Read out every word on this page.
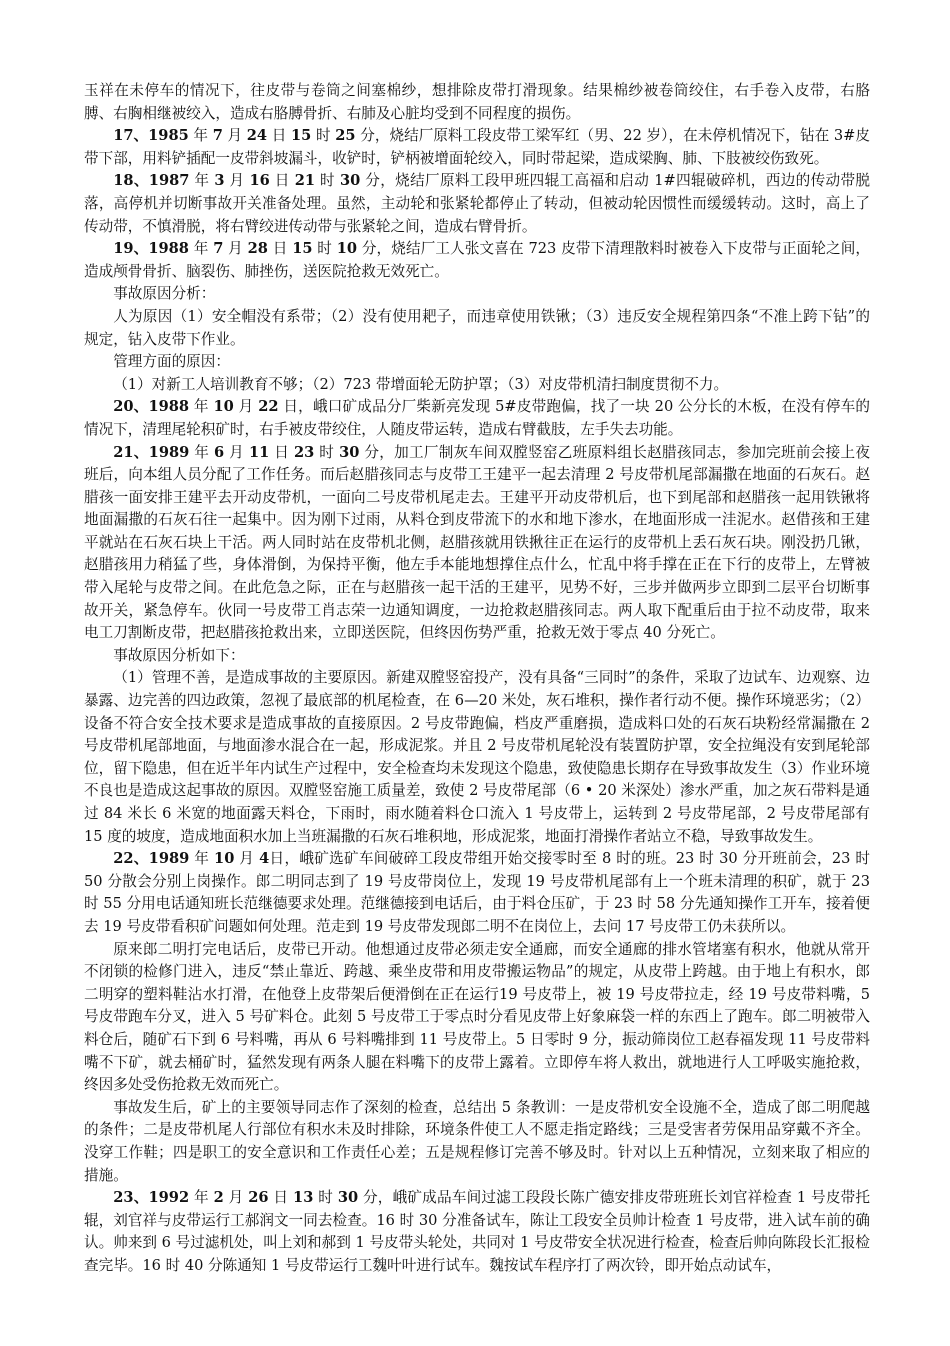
玉祥在未停车的情况下，往皮带与卷筒之间塞棉纱，想排除皮带打滑现象。结果棉纱被卷筒绞住，右手卷入皮带，右胳膊、右胸相继被绞入，造成右胳膊骨折、右肺及心脏均受到不同程度的损伤。

17、1985 年 7 月 24 日 15 时 25 分，烧结厂原料工段皮带工梁军红（男、22 岁），在未停机情况下，钻在 3#皮带下部，用料铲插配一皮带斜坡漏斗，收铲时，铲柄被增面轮绞入，同时带起梁，造成梁胸、肺、下肢被绞伤致死。

18、1987 年 3 月 16 日 21 时 30 分，烧结厂原料工段甲班四辊工高福和启动 1#四辊破碎机，西边的传动带脱落，高停机并切断事故开关准备处理。虽然，主动轮和张紧轮都停止了转动，但被动轮因惯性而缓缓转动。这时，高上了传动带，不慎滑脱，将右臂绞进传动带与张紧轮之间，造成右臂骨折。

19、1988 年 7 月 28 日 15 时 10 分，烧结厂工人张文喜在 723 皮带下清理散料时被卷入下皮带与正面轮之间，造成颅骨骨折、脑裂伤、肺挫伤，送医院抢救无效死亡。

事故原因分析：

人为原因（1）安全帽没有系带；（2）没有使用耙子，而违章使用铁锹；（3）违反安全规程第四条“不准上跨下钻”的规定，钻入皮带下作业。

管理方面的原因：

（1）对新工人培训教育不够；（2）723 带增面轮无防护罩；（3）对皮带机清扫制度贯彻不力。

20、1988 年 10 月 22 日，峨口矿成品分厂柴新亮发现 5#皮带跑偏，找了一块 20 公分长的木板，在没有停车的情况下，清理尾轮积矿时，右手被皮带绞住，人随皮带运转，造成右臂截肢，左手失去功能。

21、1989 年 6 月 11 日 23 时 30 分，加工厂制灰车间双膛竖窑乙班原料组长赵腊孩同志，参加完班前会接上夜班后，向本组人员分配了工作任务。而后赵腊孩同志与皮带工王建平一起去清理 2 号皮带机尾部漏撒在地面的石灰石。赵腊孩一面安排王建平去开动皮带机，一面向二号皮带机尾走去。王建平开动皮带机后，也下到尾部和赵腊孩一起用铁锹将地面漏撒的石灰石往一起集中。因为刚下过雨，从料仓到皮带流下的水和地下渗水，在地面形成一洼泥水。赵借孩和王建平就站在石灰石块上干活。两人同时站在皮带机北侧，赵腊孩就用铁揪往正在运行的皮带机上丢石灰石块。刚没扔几锹，赵腊孩用力稍猛了些，身体滑倒，为保持平衡，他左手本能地想撑住点什么，忙乱中将手撑在正在下行的皮带上，左臂被带入尾轮与皮带之间。在此危急之际，正在与赵腊孩一起干活的王建平，见势不好，三步并做两步立即到二层平台切断事故开关，紧急停车。伙同一号皮带工肖志荣一边通知调度，一边抢救赵腊孩同志。两人取下配重后由于拉不动皮带，取来电工刀割断皮带，把赵腊孩抢救出来，立即送医院，但终因伤势严重，抢救无效于零点 40 分死亡。

事故原因分析如下：

（1）管理不善，是造成事故的主要原因。新建双膛竖窑投产，没有具备“三同时”的条件，采取了边试车、边观察、边暴露、边完善的四边政策，忽视了最底部的机尾检查，在 6—20 米处，灰石堆积，操作者行动不便。操作环境恶劣；（2）设备不符合安全技术要求是造成事故的直接原因。2 号皮带跑偏，档皮严重磨损，造成料口处的石灰石块粉经常漏撒在 2 号皮带机尾部地面，与地面渗水混合在一起，形成泥浆。并且 2 号皮带机尾轮没有装置防护罩，安全拉绳没有安到尾轮部位，留下隐患，但在近半年内试生产过程中，安全检查均未发现这个隐患，致使隐患长期存在导致事故发生（3）作业环境不良也是造成这起事故的原因。双膛竖窑施工质量差，致使 2 号皮带尾部（6 • 20 米深处）渗水严重，加之灰石带料是通过 84 米长 6 米宽的地面露天料仓，下雨时，雨水随着料仓口流入 1 号皮带上，运转到 2 号皮带尾部，2 号皮带尾部有 15 度的坡度，造成地面积水加上当班漏撒的石灰石堆积地，形成泥浆，地面打滑操作者站立不稳，导致事故发生。

22、1989 年 10 月 4日，峨矿选矿车间破碎工段皮带组开始交接零时至 8 时的班。23 时 30 分开班前会，23 时 50 分散会分别上岗操作。郎二明同志到了 19 号皮带岗位上，发现 19 号皮带机尾部有上一个班未清理的积矿，就于 23 时 55 分用电话通知班长范继德要求处理。范继德接到电话后，由于料仓压矿，于 23 时 58 分先通知操作工开车，接着便去 19 号皮带看积矿问题如何处理。范走到 19 号皮带发现郎二明不在岗位上，去问 17 号皮带工仍未获所以。

原来郎二明打完电话后，皮带已开动。他想通过皮带必须走安全通廊，而安全通廊的排水管堵塞有积水，他就从常开不闭锁的检修门进入，违反“禁止靠近、跨越、乘坐皮带和用皮带搬运物品”的规定，从皮带上跨越。由于地上有积水，郎二明穿的塑料鞋沾水打滑，在他登上皮带架后便滑倒在正在运行19 号皮带上，被 19 号皮带拉走，经 19 号皮带料嘴，5 号皮带跑车分叉，进入 5 号矿料仓。此刻 5 号皮带工于零点时分看见皮带上好象麻袋一样的东西上了跑车。郎二明被带入料仓后，随矿石下到 6 号料嘴，再从 6 号料嘴排到 11 号皮带上。5 日零时 9 分，振动筛岗位工赵春福发现 11 号皮带料嘴不下矿，就去桶矿时，猛然发现有两条人腿在料嘴下的皮带上露着。立即停车将人救出，就地进行人工呼吸实施抢救，终因多处受伤抢救无效而死亡。

事故发生后，矿上的主要领导同志作了深刻的检查，总结出 5 条教训：一是皮带机安全设施不全，造成了郎二明爬越的条件；二是皮带机尾人行部位有积水未及时排除，环境条件使工人不愿走指定路线；三是受害者劳保用品穿戴不齐全。没穿工作鞋；四是职工的安全意识和工作责任心差；五是规程修订完善不够及时。针对以上五种情况，立刻来取了相应的措施。

23、1992 年 2 月 26 日 13 时 30 分，峨矿成品车间过滤工段段长陈广德安排皮带班班长刘官祥检查 1 号皮带托辊，刘官祥与皮带运行工郝润文一同去检查。16 时 30 分准备试车，陈让工段安全员帅计检查 1 号皮带，进入试车前的确认。帅来到 6 号过滤机处，叫上刘和郝到 1 号皮带头轮处，共同对 1 号皮带安全状况进行检查，检查后帅向陈段长汇报检查完毕。16 时 40 分陈通知 1 号皮带运行工魏叶叶进行试车。魏按试车程序打了两次铃，即开始点动试车，
